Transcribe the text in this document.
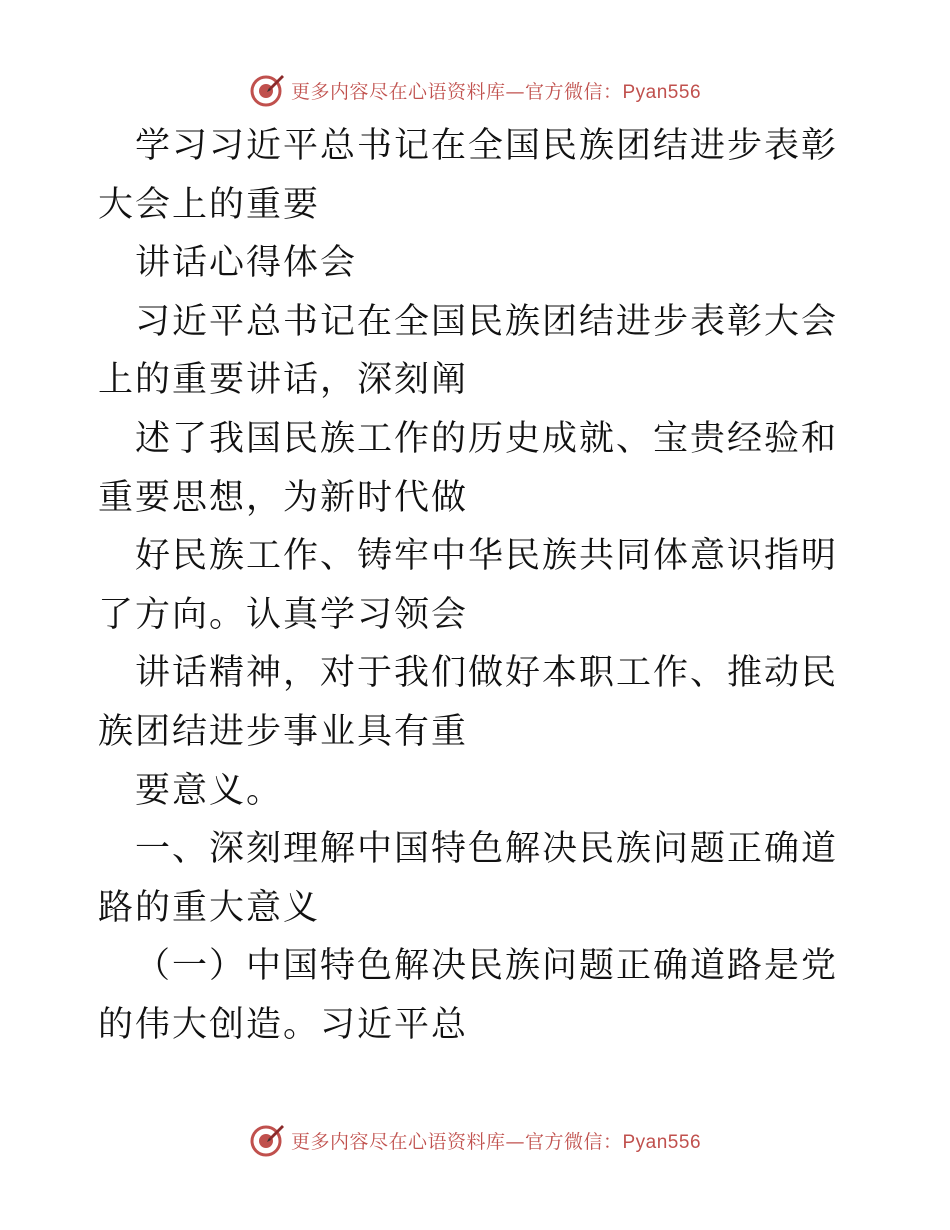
更多内容尽在心语资料库—官方微信：Pyan556

学习习近平总书记在全国民族团结进步表彰大会上的重要

讲话心得体会

习近平总书记在全国民族团结进步表彰大会上的重要讲话，深刻阐

述了我国民族工作的历史成就、宝贵经验和重要思想，为新时代做

好民族工作、铸牢中华民族共同体意识指明了方向。认真学习领会

讲话精神，对于我们做好本职工作、推动民族团结进步事业具有重

要意义。

一、深刻理解中国特色解决民族问题正确道路的重大意义

（一）中国特色解决民族问题正确道路是党的伟大创造。习近平总

更多内容尽在心语资料库—官方微信：Pyan556
